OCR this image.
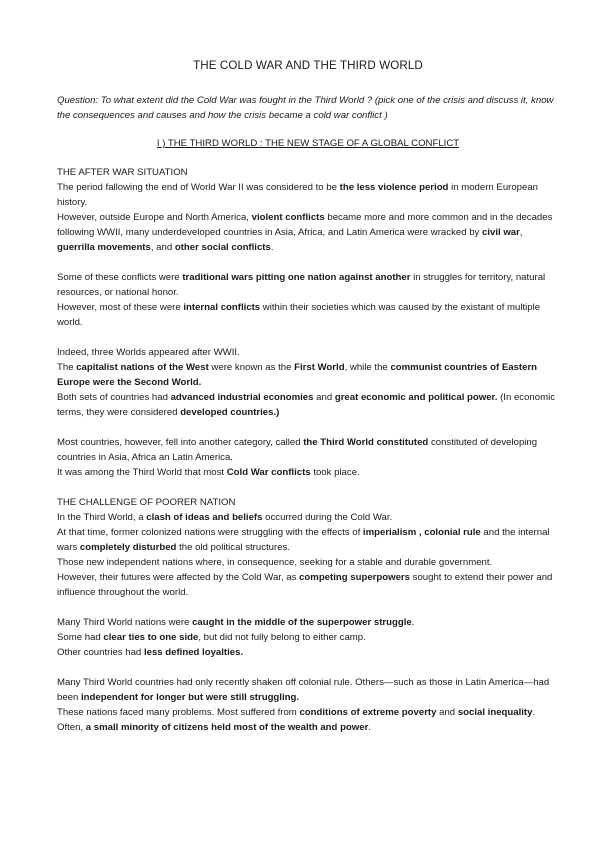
THE COLD WAR AND THE THIRD WORLD

Question: To what extent did the Cold War was fought in the Third World ? (pick one of the crisis and discuss it, know the consequences and causes and how the crisis became a cold war conflict )

I ) THE THIRD WORLD : THE NEW STAGE OF A GLOBAL CONFLICT

THE AFTER WAR SITUATION

The period fallowing the end of World War II was considered to be the less violence period in modern European history.

However, outside Europe and North America, violent conflicts became more and more common and in the decades following WWII, many underdeveloped countries in Asia, Africa, and Latin America were wracked by civil war, guerrilla movements, and other social conflicts.

Some of these conflicts were traditional wars pitting one nation against another in struggles for territory, natural resources, or national honor.

However, most of these were internal conflicts within their societies which was caused by the existant of multiple world.

Indeed, three Worlds appeared after WWII.

The capitalist nations of the West were known as the First World, while the communist countries of Eastern Europe were the Second World.

Both sets of countries had advanced industrial economies and great economic and political power. (In economic terms, they were considered developed countries.)

Most countries, however, fell into another category, called the Third World constituted constituted of developing countries in Asia, Africa an Latin America.

It was among the Third World that most Cold War conflicts took place.

THE CHALLENGE OF POORER NATION

In the Third World, a clash of ideas and beliefs occurred during the Cold War.

At that time, former colonized nations were struggling with the effects of imperialism , colonial rule and the internal wars completely disturbed the old political structures.

Those new independent nations where, in consequence, seeking for a stable and durable government.

However, their futures were affected by the Cold War, as competing superpowers sought to extend their power and influence throughout the world.

Many Third World nations were caught in the middle of the superpower struggle.

Some had clear ties to one side, but did not fully belong to either camp.

Other countries had less defined loyalties.

Many Third World countries had only recently shaken off colonial rule. Others—such as those in Latin America—had been independent for longer but were still struggling.

These nations faced many problems. Most suffered from conditions of extreme poverty and social inequality.

Often, a small minority of citizens held most of the wealth and power.
